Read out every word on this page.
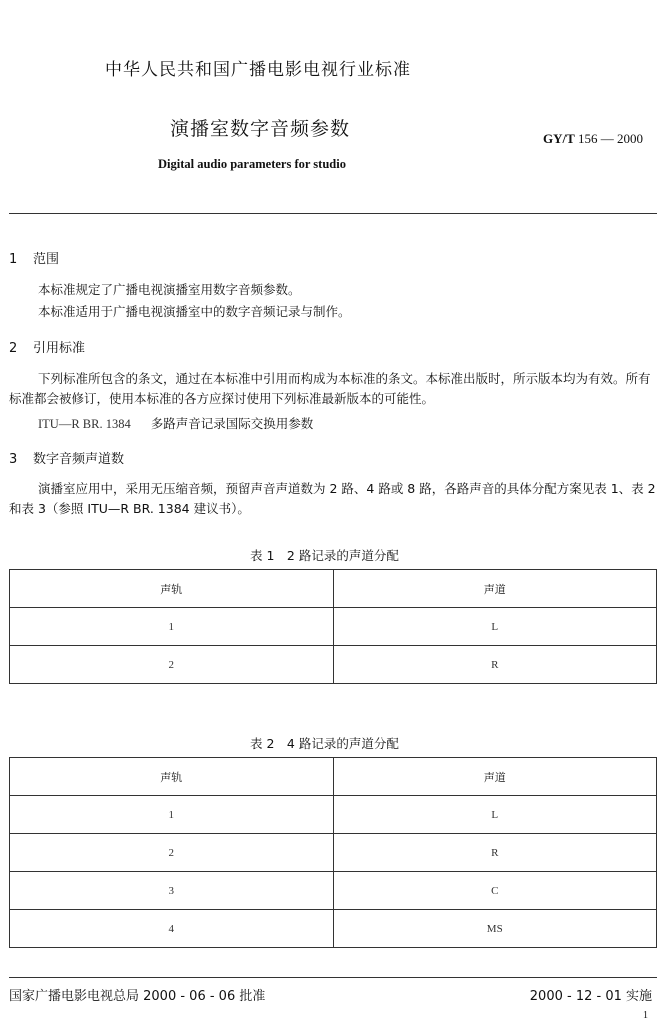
中华人民共和国广播电影电视行业标准
演播室数字音频参数	GY/T 156 — 2000
Digital audio parameters for studio
1 范围
本标准规定了广播电视演播室用数字音频参数。
本标准适用于广播电视演播室中的数字音频记录与制作。
2 引用标准
下列标准所包含的条文，通过在本标准中引用而构成为本标准的条文。本标准出版时，所示版本均为有效。所有标准都会被修订，使用本标准的各方应探讨使用下列标准最新版本的可能性。
ITU—R BR. 1384 多路声音记录国际交换用参数
3 数字音频声道数
演播室应用中，采用无压缩音频，预留声音声道数为 2 路、4 路或 8 路，各路声音的具体分配方案见表 1、表 2 和表 3（参照 ITU—R BR. 1384 建议书）。
表 1　2 路记录的声道分配
声轨	声道
1	L
2	R
表 2　4 路记录的声道分配
声轨	声道
1	L
2	R
3	C
4	MS
国家广播电影电视总局 2000 - 06 - 06 批准	2000 - 12 - 01 实施
1
